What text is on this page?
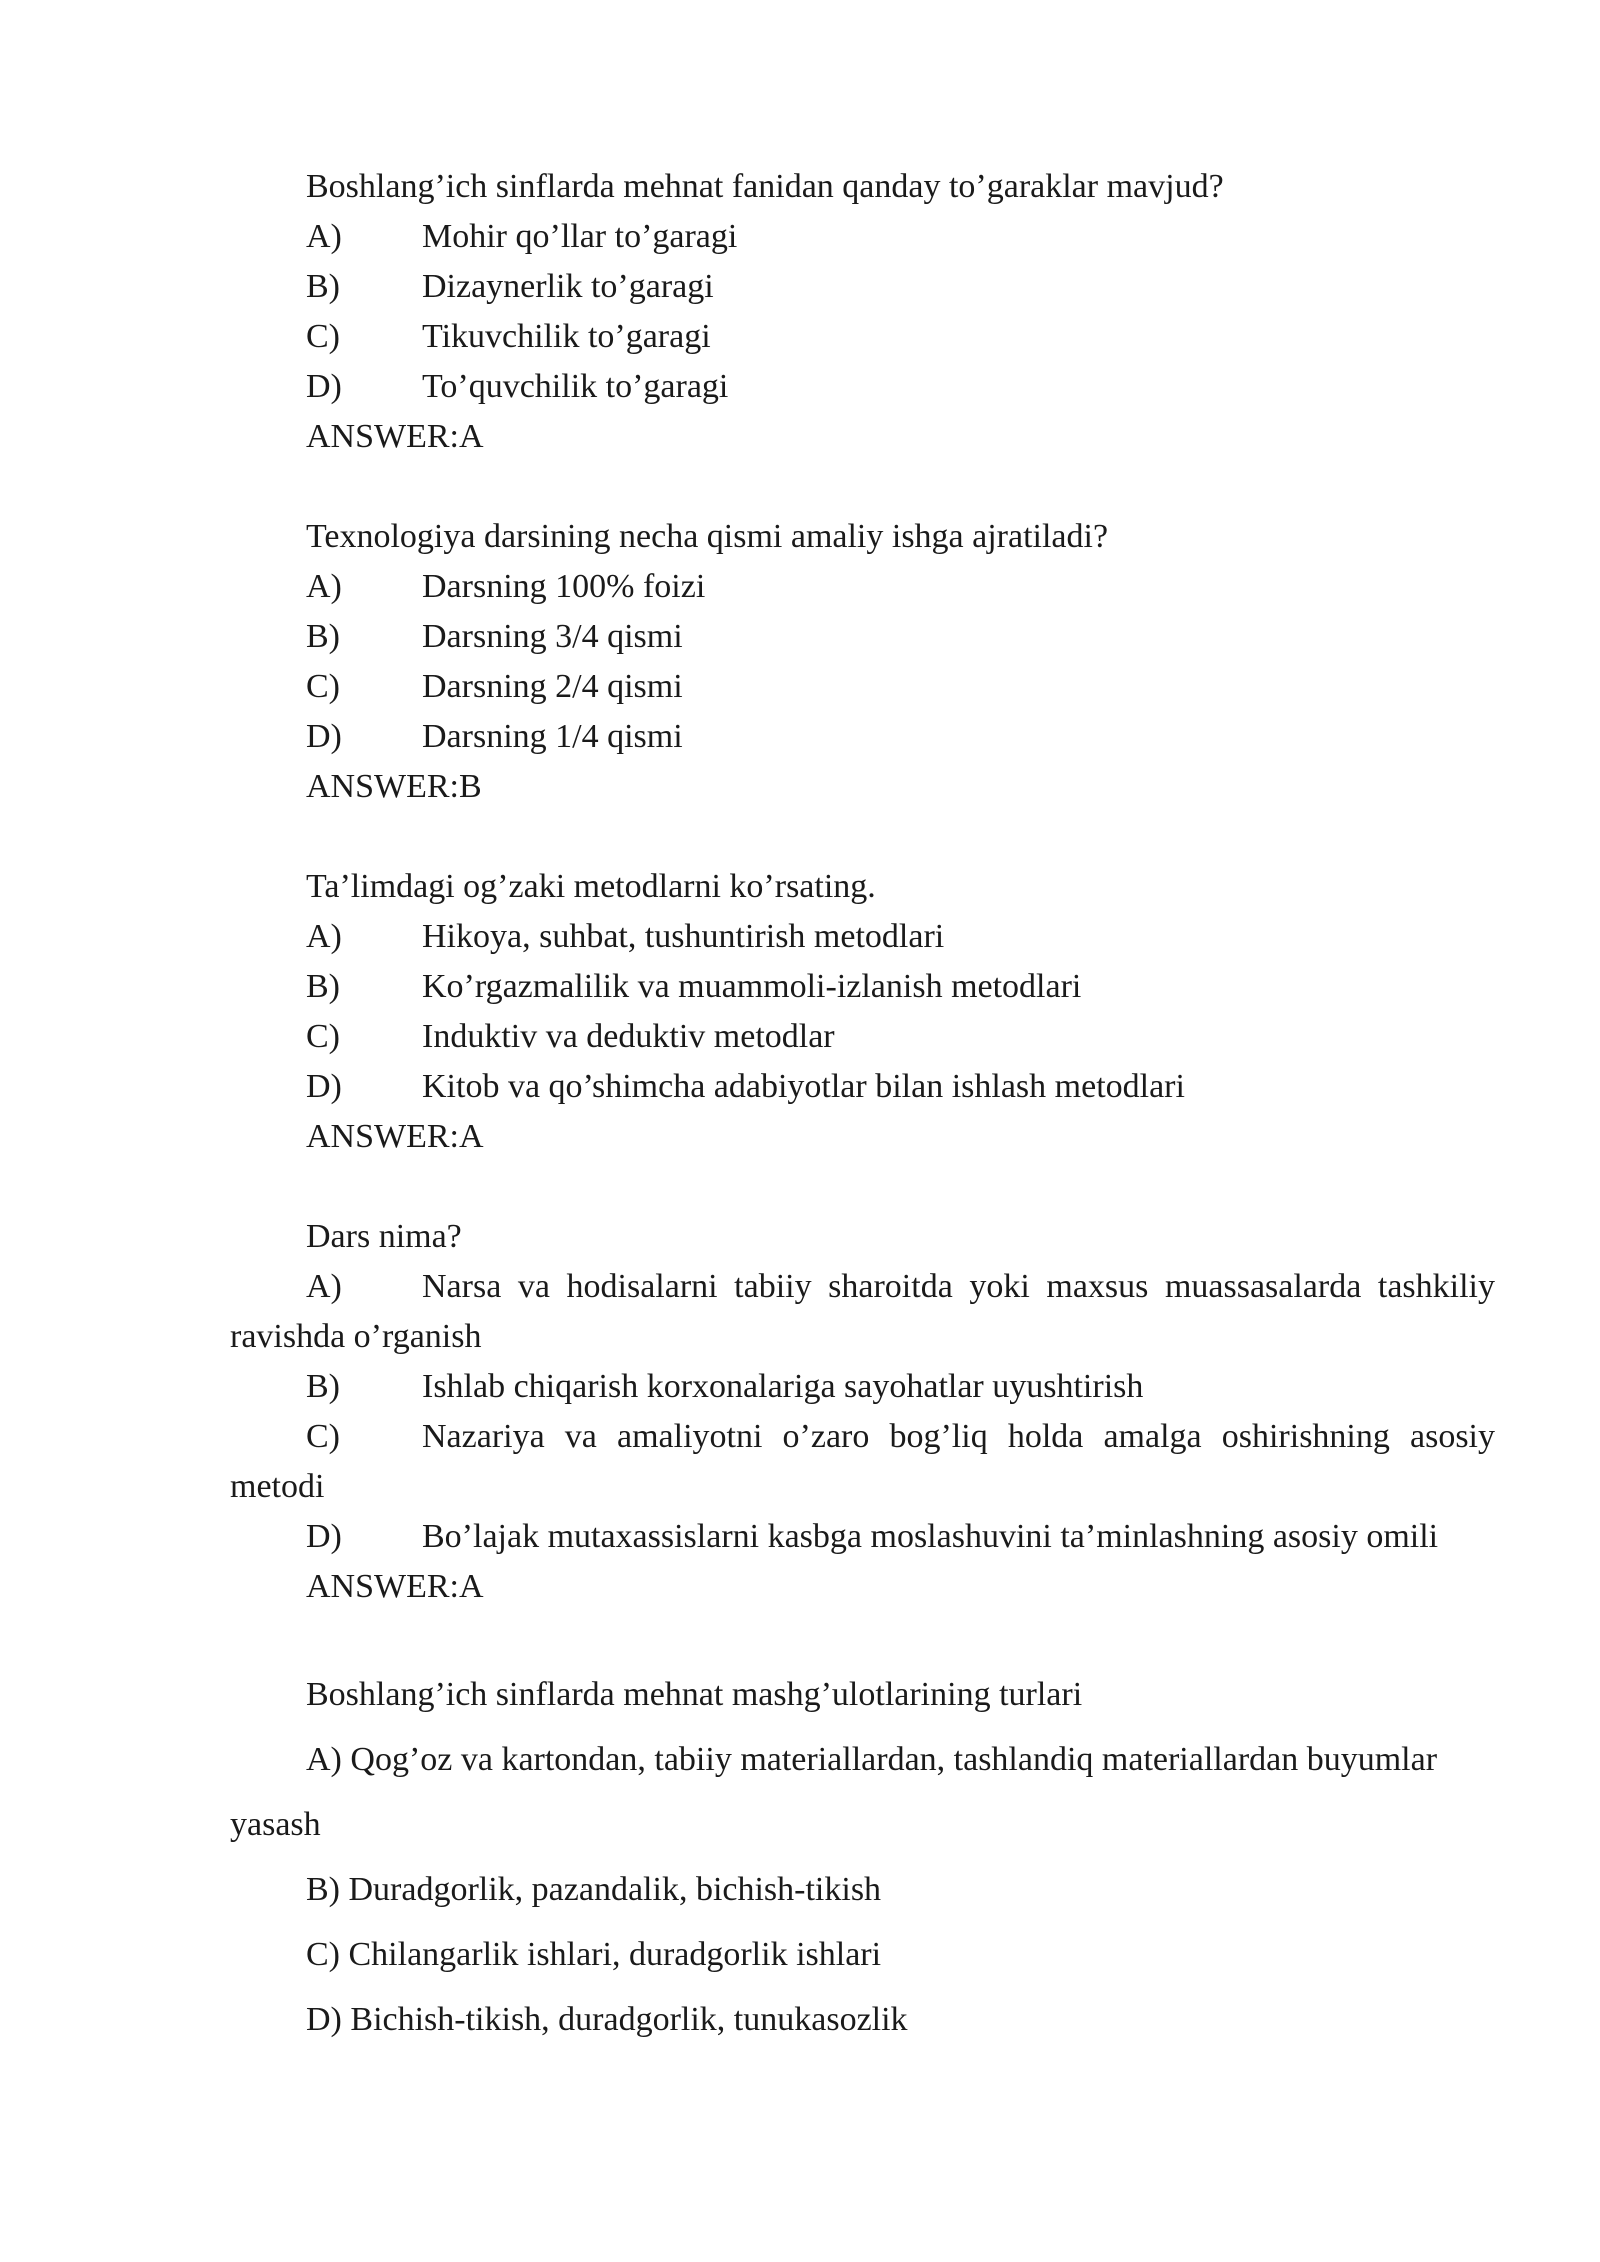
Boshlang’ich sinflarda mehnat fanidan qanday to’garaklar mavjud?
A) Mohir qo’llar to’garagi
B) Dizaynerlik to’garagi
C) Tikuvchilik to’garagi
D) To’quvchilik to’garagi
ANSWER:A
Texnologiya darsining necha qismi amaliy ishga ajratiladi?
A) Darsning 100% foizi
B) Darsning 3/4 qismi
C) Darsning 2/4 qismi
D) Darsning 1/4 qismi
ANSWER:B
Ta’limdagi og’zaki metodlarni ko’rsating.
A) Hikoya, suhbat, tushuntirish metodlari
B) Ko’rgazmalilik va muammoli-izlanish metodlari
C) Induktiv va deduktiv metodlar
D) Kitob va qo’shimcha adabiyotlar bilan ishlash metodlari
ANSWER:A
Dars nima?
A) Narsa va hodisalarni tabiiy sharoitda yoki maxsus muassasalarda tashkiliy ravishda o’rganish
B) Ishlab chiqarish korxonalariga sayohatlar uyushtirish
C) Nazariya va amaliyotni o’zaro bog’liq holda amalga oshirishning asosiy metodi
D) Bo’lajak mutaxassislarni kasbga moslashuvini ta’minlashning asosiy omili
ANSWER:A
Boshlang’ich sinflarda mehnat mashg’ulotlarining turlari
A) Qog’oz va kartondan, tabiiy materiallardan, tashlandiq materiallardan buyumlar yasash
B) Duradgorlik, pazandalik, bichish-tikish
C) Chilangarlik ishlari, duradgorlik ishlari
D) Bichish-tikish, duradgorlik, tunukasozlik
